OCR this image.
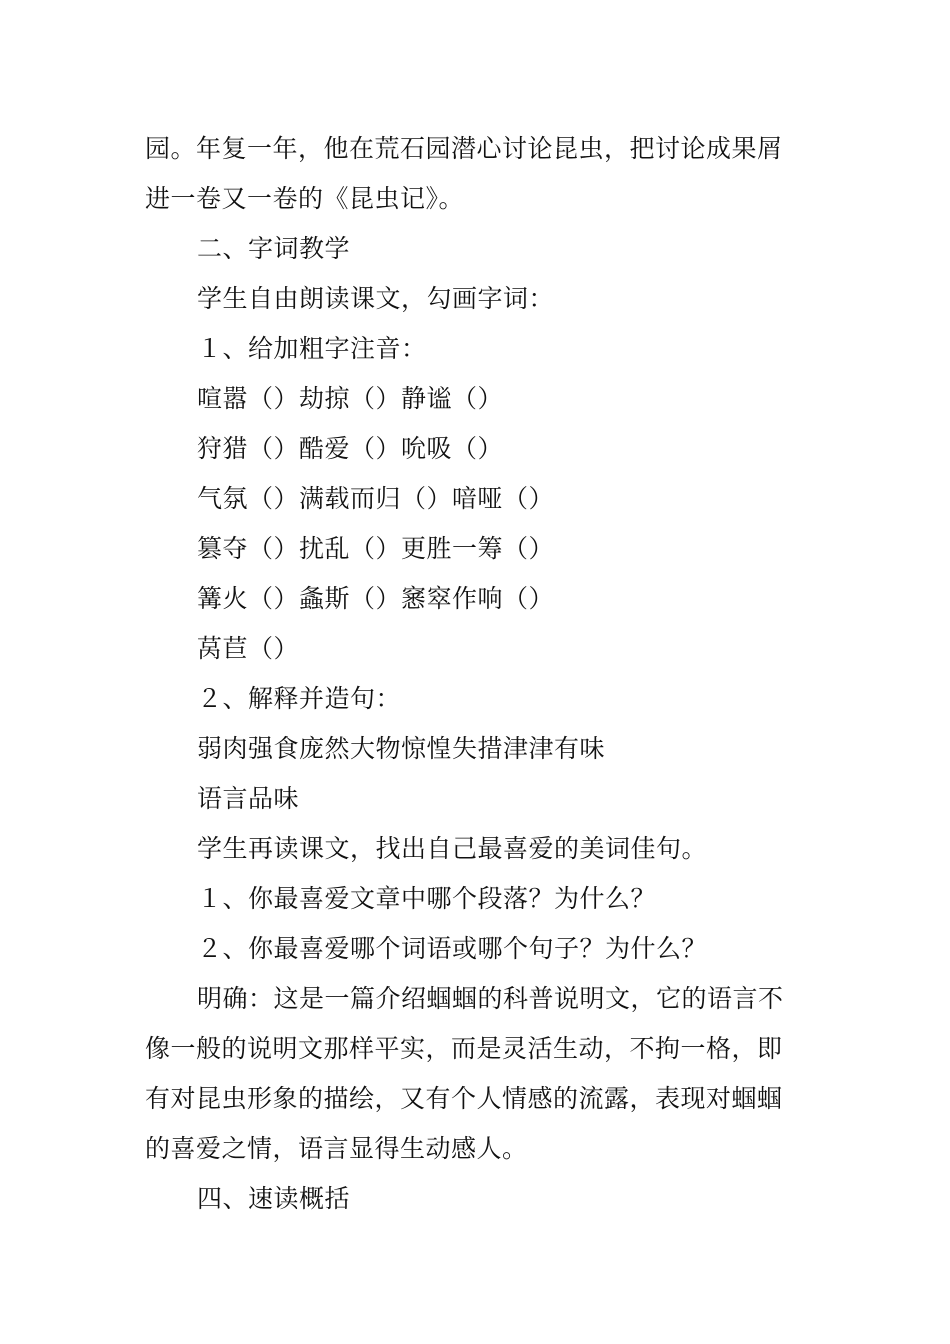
园。年复一年，他在荒石园潜心讨论昆虫，把讨论成果屑
进一卷又一卷的《昆虫记》。
二、字词教学
学生自由朗读课文，勾画字词：
１、给加粗字注音：
喧嚣（）劫掠（）静谧（）
狩猎（）酷爱（）吮吸（）
气氛（）满载而归（）喑哑（）
篡夺（）扰乱（）更胜一筹（）
篝火（）螽斯（）窸窣作响（）
莴苣（）
２、解释并造句：
弱肉强食庞然大物惊惶失措津津有味
语言品味
学生再读课文，找出自己最喜爱的美词佳句。
１、你最喜爱文章中哪个段落？为什么？
２、你最喜爱哪个词语或哪个句子？为什么？
明确：这是一篇介绍蝈蝈的科普说明文，它的语言不
像一般的说明文那样平实，而是灵活生动，不拘一格，即
有对昆虫形象的描绘，又有个人情感的流露，表现对蝈蝈
的喜爱之情，语言显得生动感人。
四、速读概括
